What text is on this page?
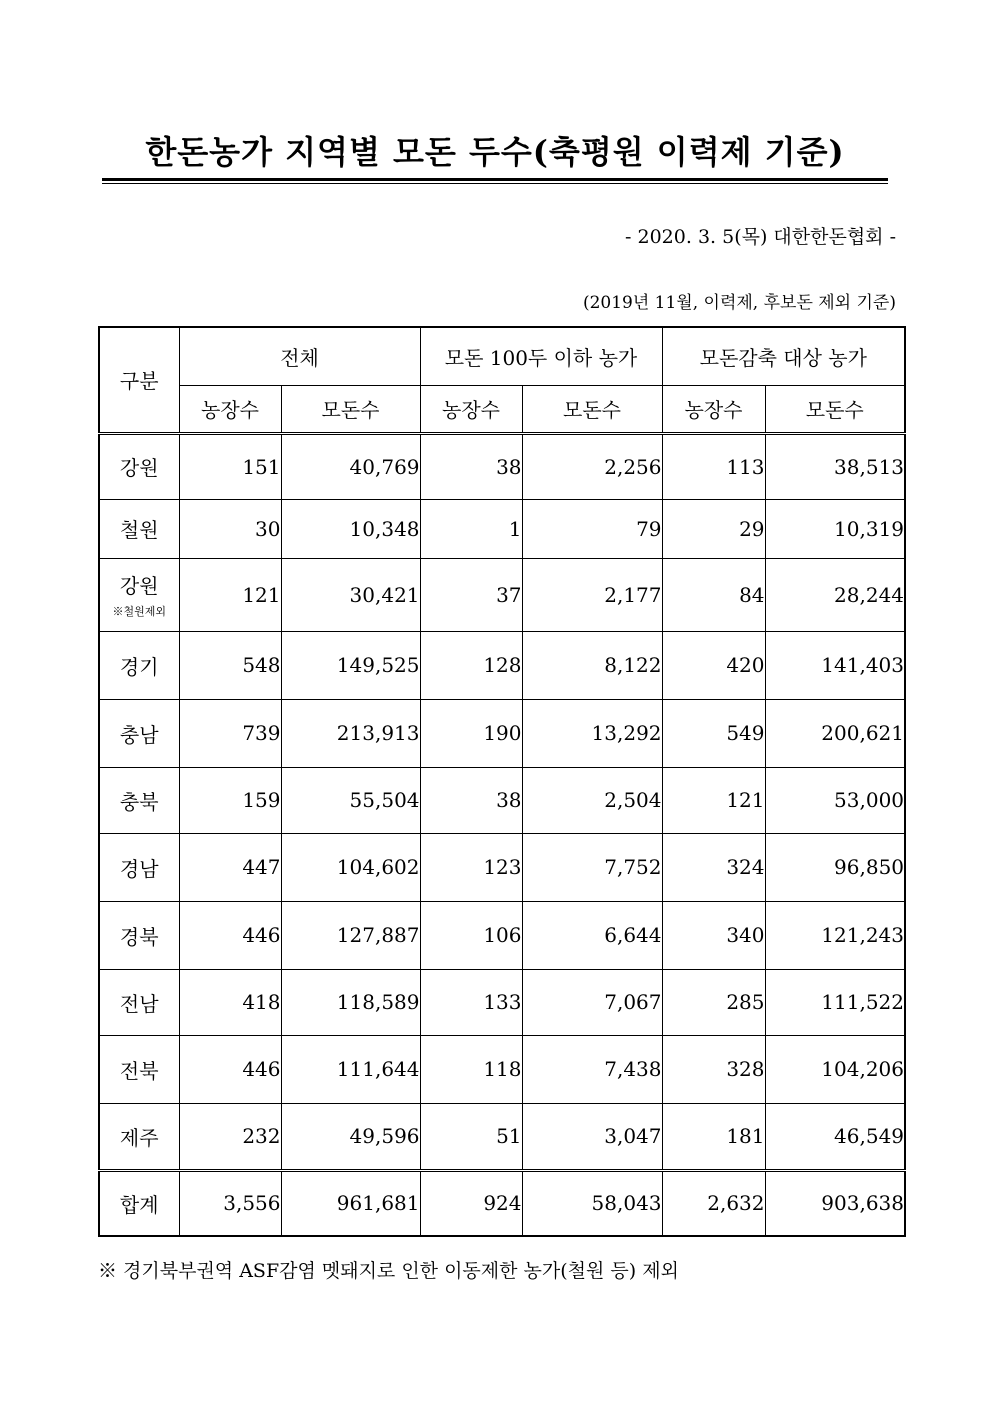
한돈농가 지역별 모돈 두수(축평원 이력제 기준)
- 2020. 3. 5(목) 대한한돈협회 -
(2019년 11월, 이력제, 후보돈 제외 기준)
구분	전체		모돈 100두 이하 농가		모돈감축 대상 농가	
	농장수	모돈수	농장수	모돈수	농장수	모돈수
강원	151	40,769	38	2,256	113	38,513
철원	30	10,348	1	79	29	10,319
강원
※철원제외	121	30,421	37	2,177	84	28,244
경기	548	149,525	128	8,122	420	141,403
충남	739	213,913	190	13,292	549	200,621
충북	159	55,504	38	2,504	121	53,000
경남	447	104,602	123	7,752	324	96,850
경북	446	127,887	106	6,644	340	121,243
전남	418	118,589	133	7,067	285	111,522
전북	446	111,644	118	7,438	328	104,206
제주	232	49,596	51	3,047	181	46,549
합계	3,556	961,681	924	58,043	2,632	903,638
※ 경기북부권역 ASF감염 멧돼지로 인한 이동제한 농가(철원 등) 제외
